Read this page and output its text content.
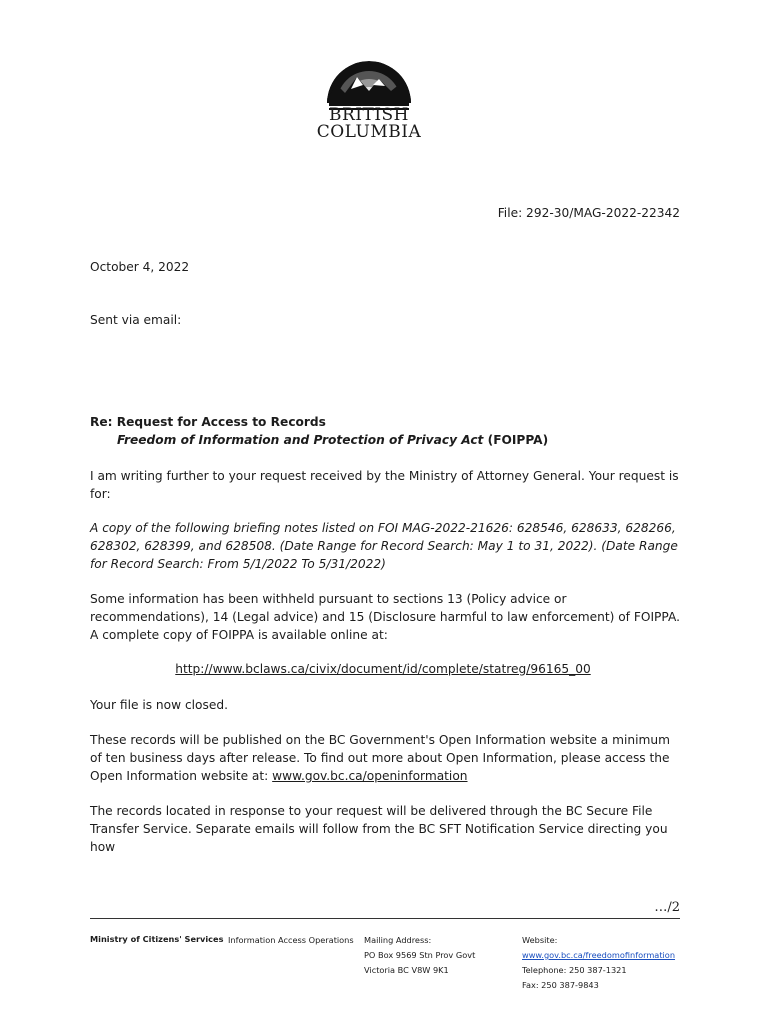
BRITISH
COLUMBIA
File: 292-30/MAG-2022-22342
October 4, 2022
Sent via email:
Re: Request for Access to Records
Freedom of Information and Protection of Privacy Act (FOIPPA)
I am writing further to your request received by the Ministry of Attorney General. Your request is for:
A copy of the following briefing notes listed on FOI MAG-2022-21626: 628546, 628633, 628266, 628302, 628399, and 628508. (Date Range for Record Search: May 1 to 31, 2022). (Date Range for Record Search: From 5/1/2022 To 5/31/2022)
Some information has been withheld pursuant to sections 13 (Policy advice or recommendations), 14 (Legal advice) and 15 (Disclosure harmful to law enforcement) of FOIPPA. A complete copy of FOIPPA is available online at:
http://www.bclaws.ca/civix/document/id/complete/statreg/96165_00
Your file is now closed.
These records will be published on the BC Government's Open Information website a minimum of ten business days after release. To find out more about Open Information, please access the Open Information website at: www.gov.bc.ca/openinformation
The records located in response to your request will be delivered through the BC Secure File Transfer Service. Separate emails will follow from the BC SFT Notification Service directing you how
…/2
Ministry of Citizens' Services Information Access Operations Mailing Address:
PO Box 9569 Stn Prov Govt
Victoria BC V8W 9K1
Website:
www.gov.bc.ca/freedomofinformation
Telephone: 250 387-1321
Fax: 250 387-9843
